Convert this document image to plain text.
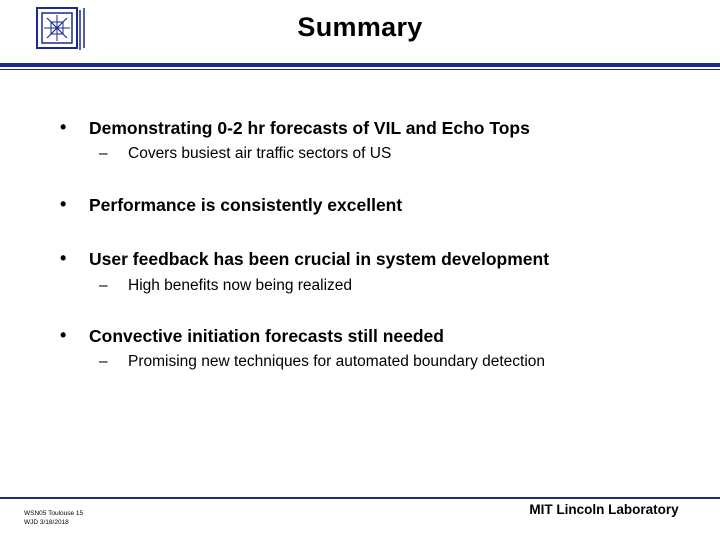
Summary
• Demonstrating 0-2 hr forecasts of VIL and Echo Tops
– Covers busiest air traffic sectors of US
• Performance is consistently excellent
• User feedback has been crucial in system development
– High benefits now being realized
• Convective initiation forecasts still needed
– Promising new techniques for automated boundary detection
WSN05 Toulouse 15
WJD 3/18/2018
MIT Lincoln Laboratory
